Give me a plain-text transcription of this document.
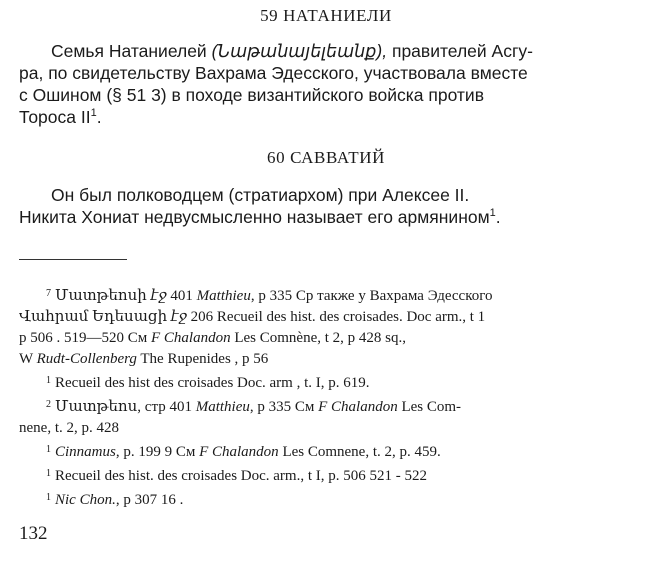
59 НАТАНИЕЛИ
Семья Натаниелей (Նաթանայելեանք), правителей Асгу-
ра, по свидетельству Вахрама Эдесского, участвовала вместе
с Ошином (§ 51 3) в походе византийского войска против
Тороса $II^1$.
60 САВВАТИЙ
Он был полководцем (стратиархом) при Алексее II.
Никита Хониат недвусмысленно называет его армянином$^1$.
$^7$ Մատթեոսի էջ 401 Matthieu, p 335 Ср также у Вахрама Эдесского
Վահրամ Եդեսացի էջ 206 Recueil des hist. des croisades. Doc arm., t 1
p 506 . 519—520 См F Chalandon Les Comnène, t 2, p 428 sq.,
W Rudt-Collenberg The Rupenides , p 56
$^1$ Recueil des hist des croisades Doc. arm , t. I, p. 619.
$^2$ Մատթեոս, стр 401 Matthieu, p 335 См F Chalandon Les Com-
nene, t. 2, p. 428
$^1$ Cinnamus, p. 199 9 См F Chalandon Les Comnene, t. 2, p. 459.
$^1$ Recueil des hist. des croisades Doc. arm., t I, p. 506 521 - 522
$^1$ Nic Chon., p 307 16 .
132
